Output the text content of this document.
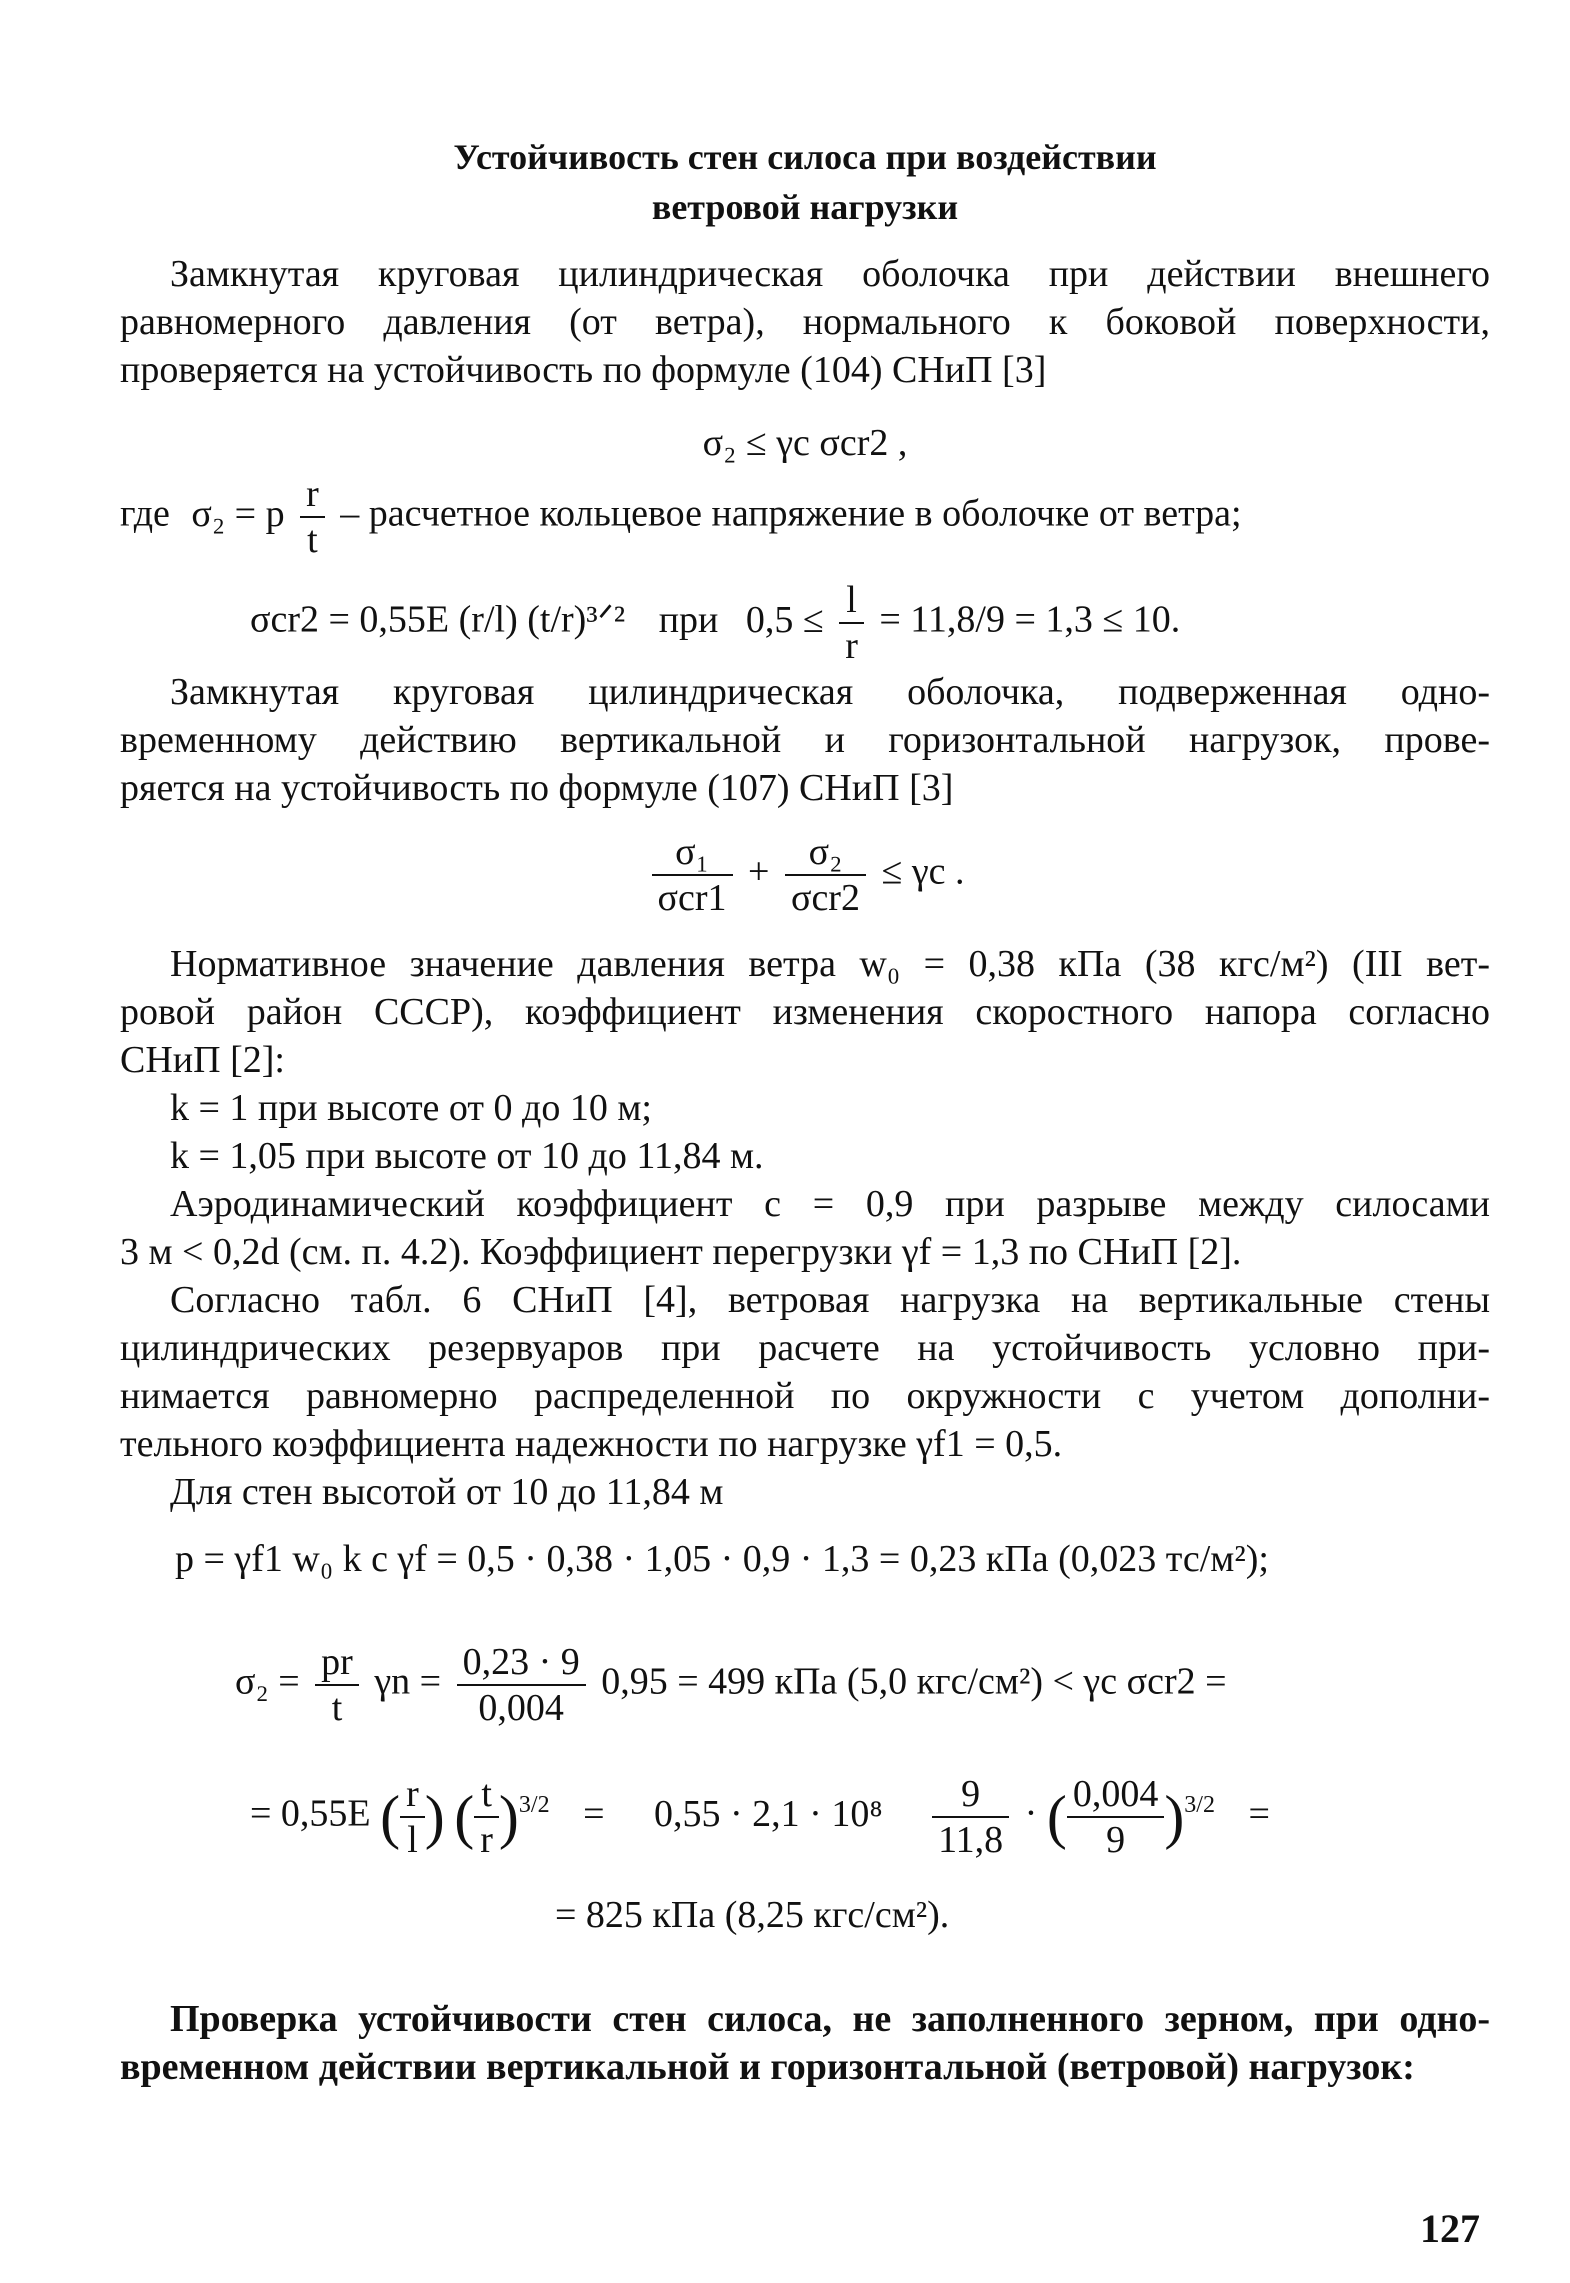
Устойчивость стен силоса при воздействии
ветровой нагрузки

Замкнутая круговая цилиндрическая оболочка при действии внешнего

равномерного давления (от ветра), нормального к боковой поверхности,

проверяется на устойчивость по формуле (104) СНиП [3]

σ₂ ≤ γc σcr2 ,
где σ₂ = p $\frac{r}{t}$ – расчетное кольцевое напряжение в оболочке от ветра;
σcr2 = 0,55E (r/l) (t/r)³ᐟ² при $0,5 \le \frac{l}{r} = 11,8/9 = 1,3 \le 10$.

Замкнутая круговая цилиндрическая оболочка, подверженная одно-

временному действию вертикальной и горизонтальной нагрузок, прове-

ряется на устойчивость по формуле (107) СНиП [3]

$\frac{\text{σ₁}}{\text{σcr1}} + \frac{\text{σ₂}}{\text{σcr2}} \le \gamma c$ .

Нормативное значение давления ветра w₀ = 0,38 кПа (38 кгс/м²) (III вет-

ровой район СССР), коэффициент изменения скоростного напора согласно

СНиП [2]:

k = 1 при высоте от 0 до 10 м;

k = 1,05 при высоте от 10 до 11,84 м.

Аэродинамический коэффициент c = 0,9 при разрыве между силосами

3 м < 0,2d (см. п. 4.2). Коэффициент перегрузки γf = 1,3 по СНиП [2].

Согласно табл. 6 СНиП [4], ветровая нагрузка на вертикальные стены

цилиндрических резервуаров при расчете на устойчивость условно при-

нимается равномерно распределенной по окружности с учетом дополни-

тельного коэффициента надежности по нагрузке γf1 = 0,5.

Для стен высотой от 10 до 11,84 м

p = γf1 w₀ k c γf = 0,5 · 0,38 · 1,05 · 0,9 · 1,3 = 0,23 кПа (0,023 тс/м²);
$\sigma_2 = \frac{pr}{t}$ $\gamma n = \frac{0,23 \cdot 9}{0,004} 0,95 = 499$ кПа (5,0 кгс/см²) < γc σcr2 =
= 0,55E ( $\frac{r}{l}$ ) ( $\frac{t}{r} )^{3/2} = 0,55 \cdot 2,1 \cdot 10^8 \frac{9}{11,8}$ · ( $\frac{0,004}{9} )^{3/2}$ =
= 825 кПа (8,25 кгс/см²).

Проверка устойчивости стен силоса, не заполненного зерном, при одно-

временном действии вертикальной и горизонтальной (ветровой) нагрузок:

127
